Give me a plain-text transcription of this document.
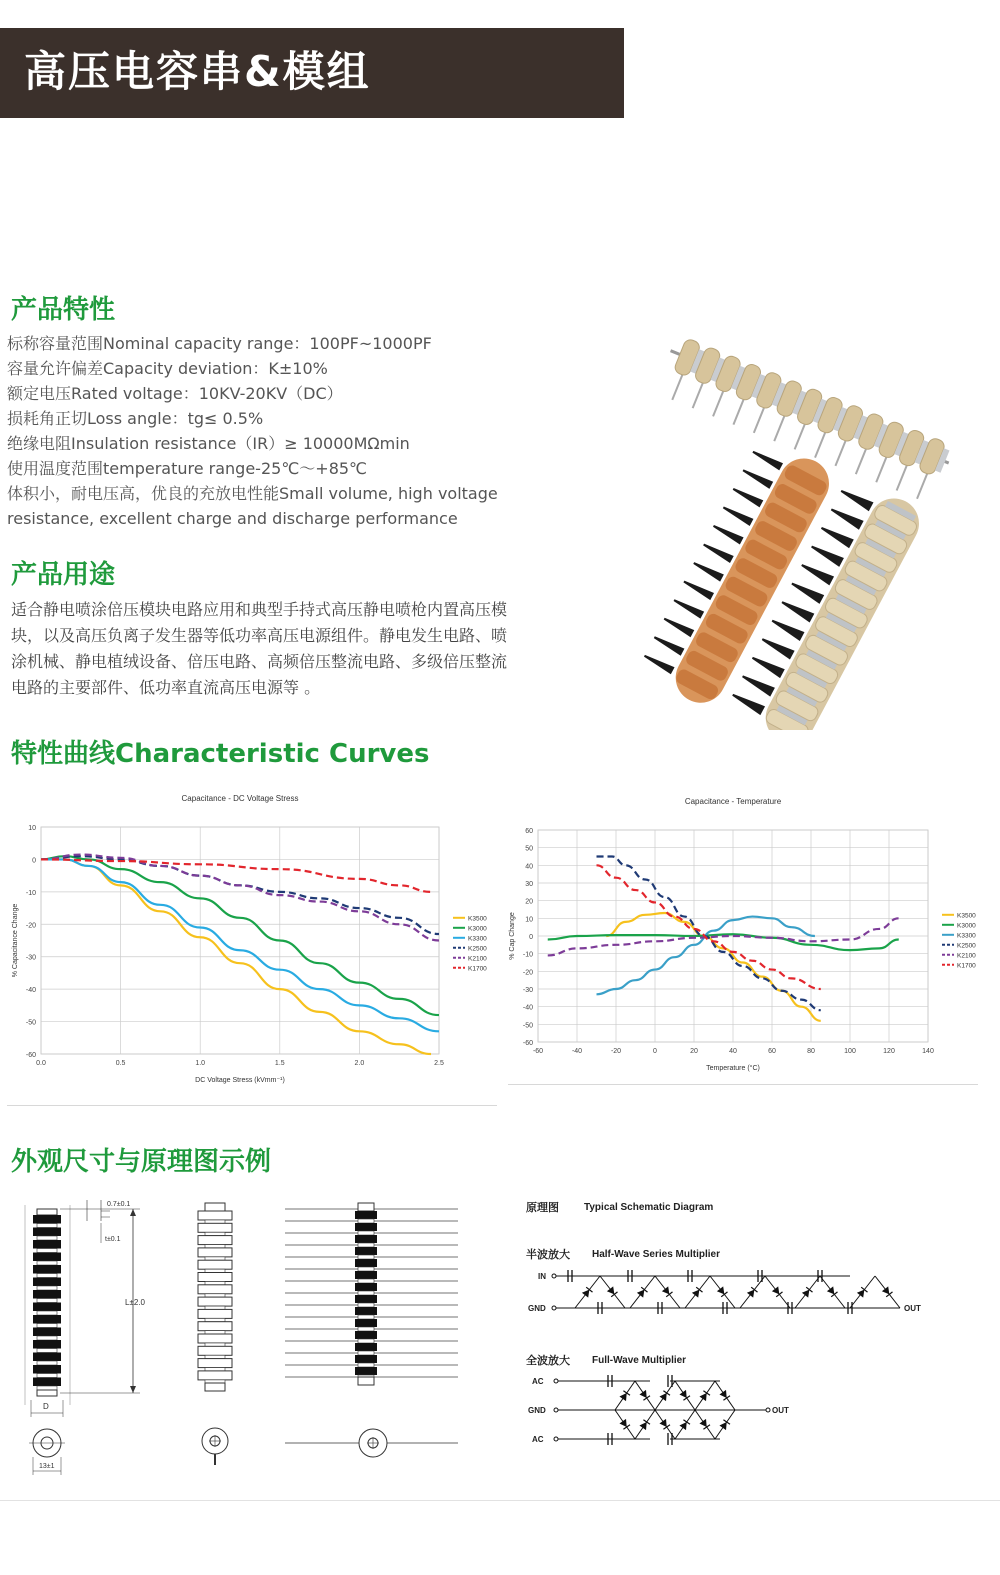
高压电容串&模组
产品特性
标称容量范围Nominal capacity range：100PF~1000PF
容量允许偏差Capacity deviation：K±10%
额定电压Rated voltage：10KV-20KV（DC）
损耗角正切Loss angle：tg≤ 0.5%
绝缘电阻Insulation resistance（IR）≥ 10000MΩmin
使用温度范围temperature range-25℃～+85℃
体积小，耐电压高，优良的充放电性能Small volume, high voltage
resistance, excellent charge and discharge performance
产品用途
适合静电喷涂倍压模块电路应用和典型手持式高压静电喷枪内置高压模
块，以及高压负离子发生器等低功率高压电源组件。静电发生电路、喷
涂机械、静电植绒设备、倍压电路、高频倍压整流电路、多级倍压整流
电路的主要部件、低功率直流高压电源等 。
特性曲线Characteristic Curves
Capacitance - DC Voltage Stress
10
0
-10
-20
-30
-40
-50
-60
0.0	0.5	1.0	1.5	2.0	2.5
DC Voltage Stress (kVmm⁻¹)
% Capacitance Change	K3500
K3000
K3300
K2500
K2100
K1700
Capacitance - Temperature
60
50
40
30
20
10
0
-10
-20
-30
-40
-50
-60
-60	-40	-20	0	20	40	60	80	100	120	140
Temperature (°C)
% Cap Change	K3500
K3000
K3300
K2500
K2100
K1700
外观尺寸与原理图示例
L±2.0
0.7±0.1
t±0.1
D
13±1
原理图	Typical Schematic Diagram
半波放大 Half-Wave Series Multiplier
IN
GND	OUT
全波放大 Full-Wave Multiplier
AC
GND
AC
OUT
